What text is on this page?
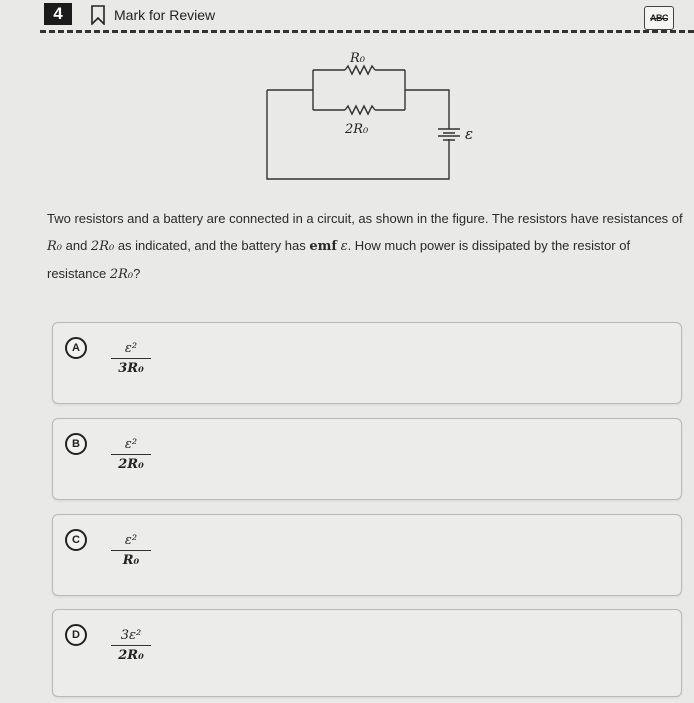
4	Mark for Review	ABC
R₀
2R₀	ε
Two resistors and a battery are connected in a circuit, as shown in the figure. The resistors have resistances of R₀ and 2R₀ as indicated, and the battery has emf ε. How much power is dissipated by the resistor of resistance 2R₀?
A	ε²
3R₀
B	ε²
2R₀
C	ε²
R₀
D	3ε²
2R₀
